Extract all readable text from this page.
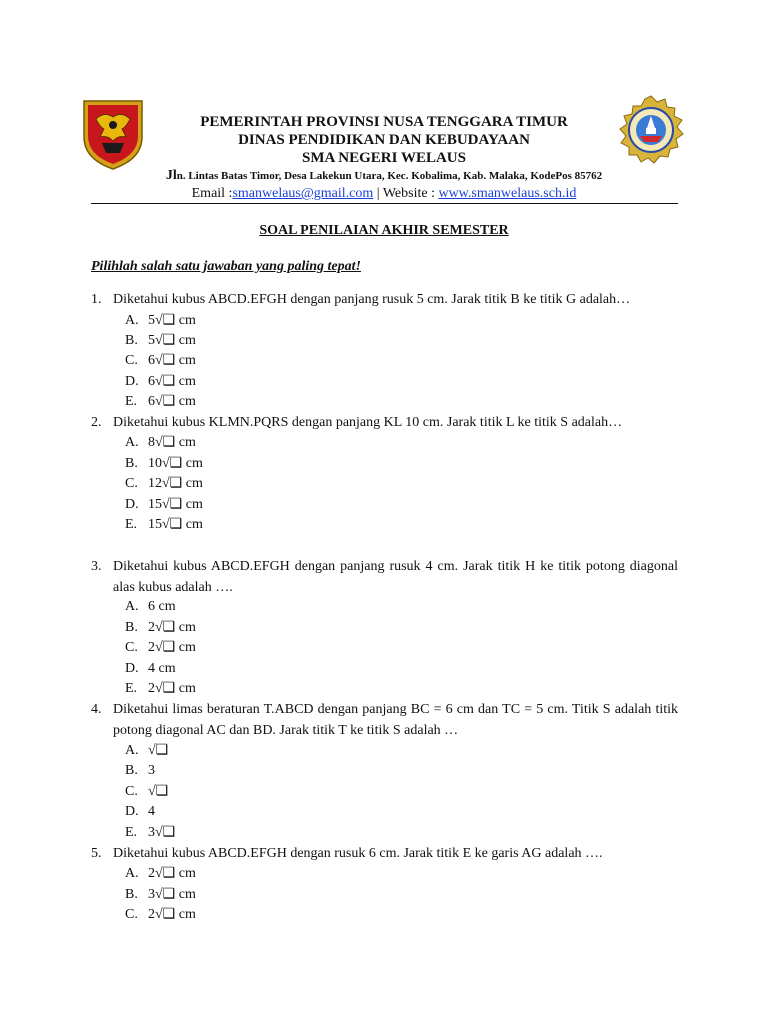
PEMERINTAH PROVINSI NUSA TENGGARA TIMUR
DINAS PENDIDIKAN DAN KEBUDAYAAN
SMA NEGERI WELAUS
Jln. Lintas Batas Timor, Desa Lakekun Utara, Kec. Kobalima, Kab. Malaka, KodePos 85762
Email :smanwelaus@gmail.com | Website : www.smanwelaus.sch.id
SOAL PENILAIAN AKHIR SEMESTER
Pilihlah salah satu jawaban yang paling tepat!
1. Diketahui kubus ABCD.EFGH dengan panjang rusuk 5 cm. Jarak titik B ke titik G adalah…
A. 5√❑ cm
B. 5√❑ cm
C. 6√❑ cm
D. 6√❑ cm
E. 6√❑ cm
2. Diketahui kubus KLMN.PQRS dengan panjang KL 10 cm. Jarak titik L ke titik S adalah…
A. 8√❑ cm
B. 10√❑ cm
C. 12√❑ cm
D. 15√❑ cm
E. 15√❑ cm
3. Diketahui kubus ABCD.EFGH dengan panjang rusuk 4 cm. Jarak titik H ke titik potong diagonal alas kubus adalah ….
A. 6 cm
B. 2√❑ cm
C. 2√❑ cm
D. 4 cm
E. 2√❑ cm
4. Diketahui limas beraturan T.ABCD dengan panjang BC = 6 cm dan TC = 5 cm. Titik S adalah titik potong diagonal AC dan BD. Jarak titik T ke titik S adalah …
A. √❑
B. 3
C. √❑
D. 4
E. 3√❑
5. Diketahui kubus ABCD.EFGH dengan rusuk 6 cm. Jarak titik E ke garis AG adalah ….
A. 2√❑ cm
B. 3√❑ cm
C. 2√❑ cm
